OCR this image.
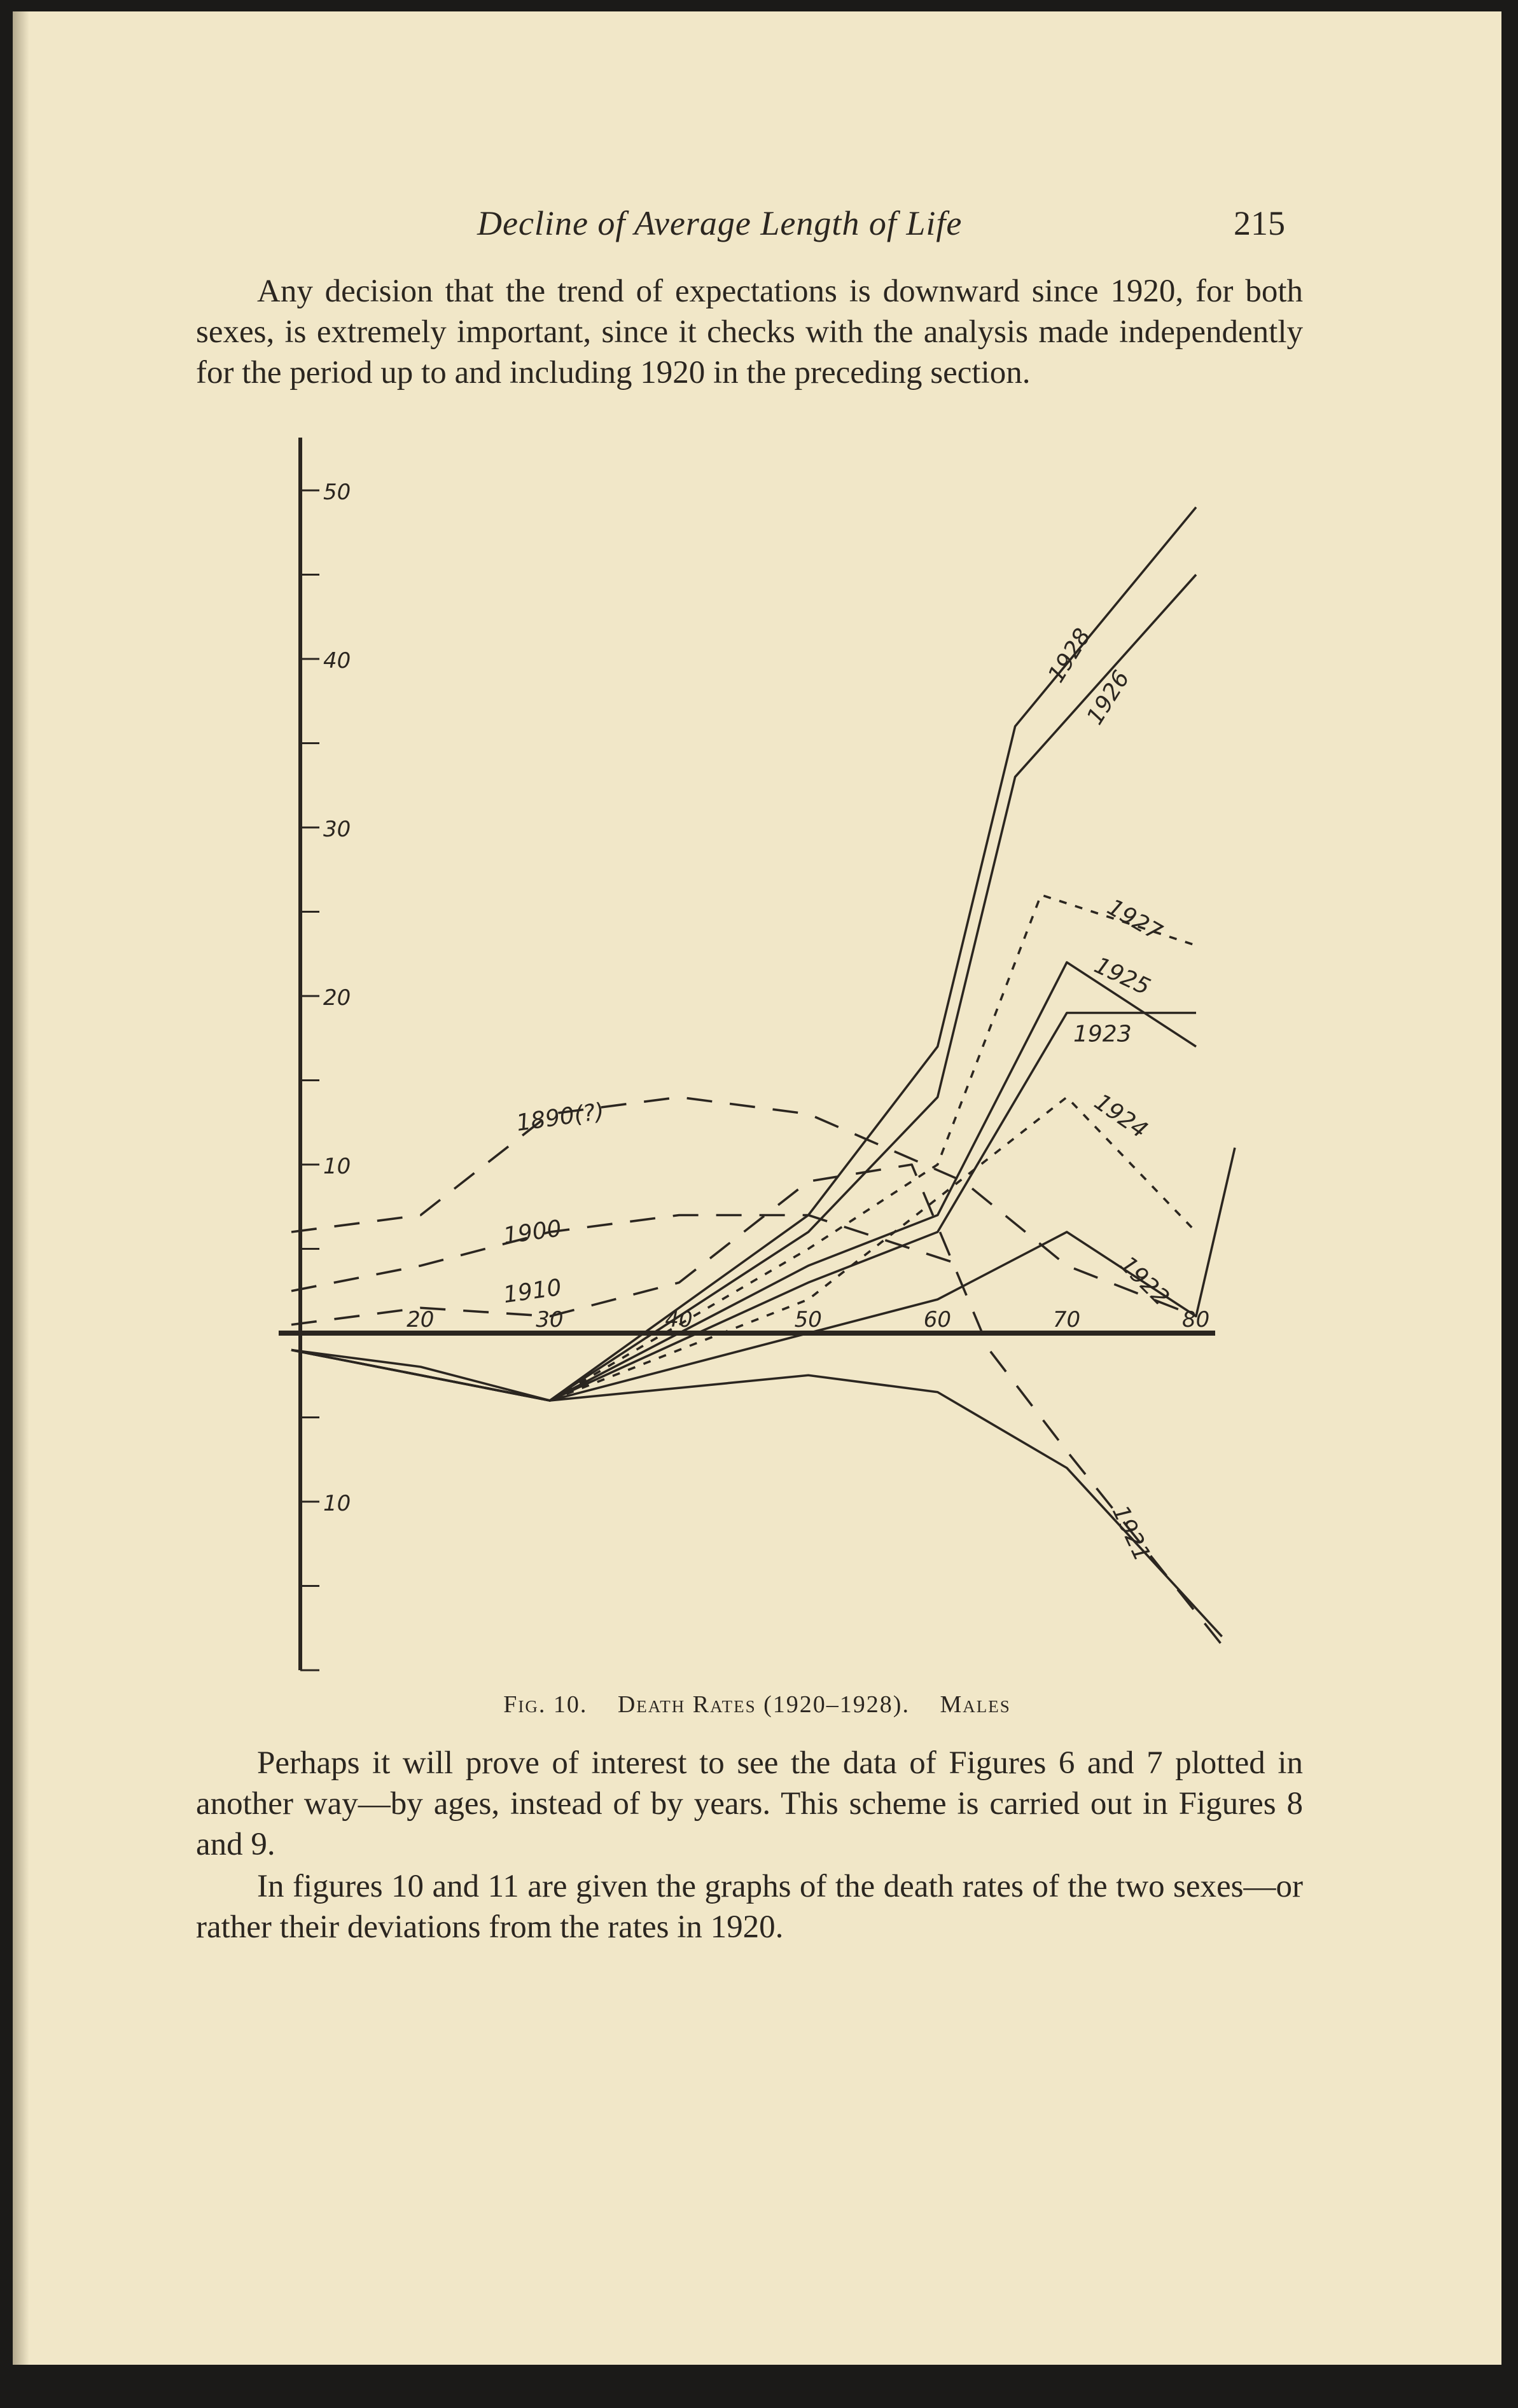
Decline of Average Length of Life	215

Any decision that the trend of expectations is downward since 1920, for both sexes, is extremely important, since it checks with the analysis made independently for the period up to and including 1920 in the preceding section.

50
40
30
20
10
10
20	30	40	50	60	70	80
1928
1926
1927
1925
1923
1924
1922
1921
1890(?)
1900
1910
Fig. 10. Death Rates (1920–1928). Males

Perhaps it will prove of interest to see the data of Figures 6 and 7 plotted in another way—by ages, instead of by years. This scheme is carried out in Figures 8 and 9.

In figures 10 and 11 are given the graphs of the death rates of the two sexes—or rather their deviations from the rates in 1920.
